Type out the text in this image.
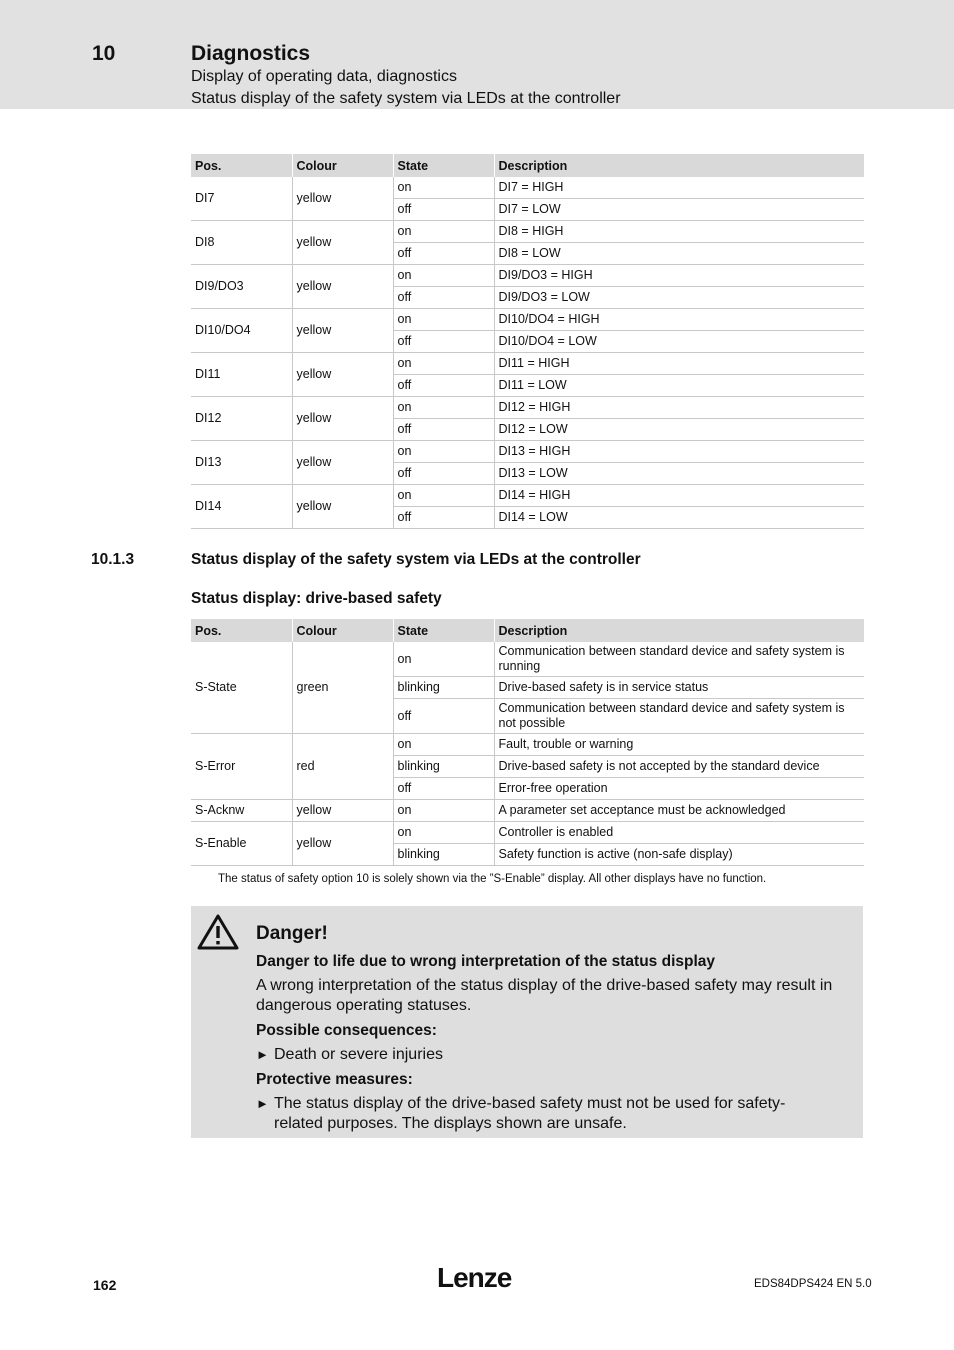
10	Diagnostics
Display of operating data, diagnostics
Status display of the safety system via LEDs at the controller
Pos.	Colour	State	Description
DI7	yellow	on	DI7 = HIGH
		off	DI7 = LOW
DI8	yellow	on	DI8 = HIGH
		off	DI8 = LOW
DI9/DO3	yellow	on	DI9/DO3 = HIGH
		off	DI9/DO3 = LOW
DI10/DO4	yellow	on	DI10/DO4 = HIGH
		off	DI10/DO4 = LOW
DI11	yellow	on	DI11 = HIGH
		off	DI11 = LOW
DI12	yellow	on	DI12 = HIGH
		off	DI12 = LOW
DI13	yellow	on	DI13 = HIGH
		off	DI13 = LOW
DI14	yellow	on	DI14 = HIGH
		off	DI14 = LOW
10.1.3	Status display of the safety system via LEDs at the controller
Status display: drive-based safety
Pos.	Colour	State	Description
S-State	green	on	Communication between standard device and safety system is running
		blinking	Drive-based safety is in service status
		off	Communication between standard device and safety system is not possible
S-Error	red	on	Fault, trouble or warning
		blinking	Drive-based safety is not accepted by the standard device
		off	Error-free operation
S-Acknw	yellow	on	A parameter set acceptance must be acknowledged
S-Enable	yellow	on	Controller is enabled
		blinking	Safety function is active (non-safe display)
The status of safety option 10 is solely shown via the ”S-Enable” display. All other displays have no function.
Danger!
Danger to life due to wrong interpretation of the status display
A wrong interpretation of the status display of the drive-based safety may result in dangerous operating statuses.
Possible consequences:
► Death or severe injuries
Protective measures:
► The status display of the drive-based safety must not be used for safety-related purposes. The displays shown are unsafe.
162	Lenze	EDS84DPS424 EN 5.0
